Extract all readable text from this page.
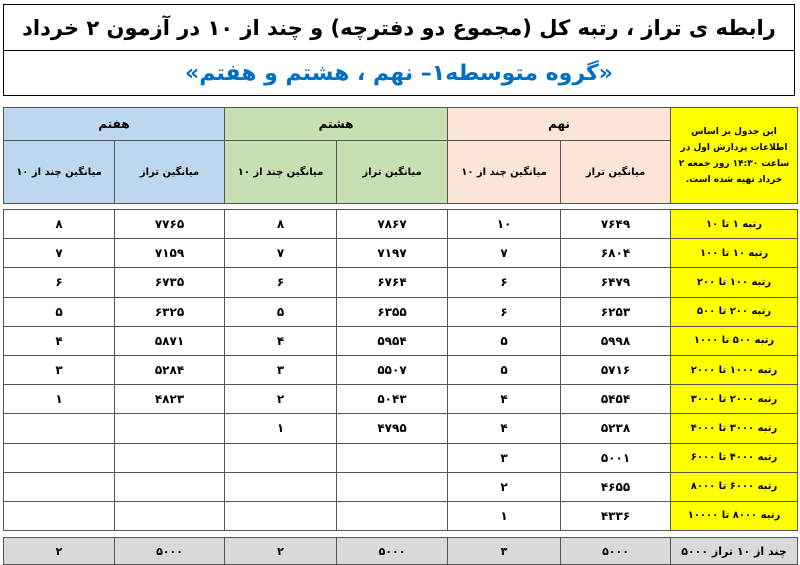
رابطه ی تراز ، رتبه کل (مجموع دو دفترچه) و چند از ۱۰ در آزمون ۲ خرداد
«گروه متوسطه۱– نهم ، هشتم و هفتم»
این جدول بر اساس اطلاعات پردازش اول در ساعت ۱۴:۳۰ روز جمعه ۲ خرداد تهیه شده است.	نهم		هشتم		هفتم	
	میانگین تراز	میانگین چند از ۱۰	میانگین تراز	میانگین چند از ۱۰	میانگین تراز	میانگین چند از ۱۰

رتبه ۱ تا ۱۰	۷۶۴۹	۱۰	۷۸۶۷	۸	۷۷۶۵	۸
رتبه ۱۰ تا ۱۰۰	۶۸۰۴	۷	۷۱۹۷	۷	۷۱۵۹	۷
رتبه ۱۰۰ تا ۲۰۰	۶۴۷۹	۶	۶۷۶۴	۶	۶۷۳۵	۶
رتبه ۲۰۰ تا ۵۰۰	۶۲۵۳	۶	۶۳۵۵	۵	۶۳۲۵	۵
رتبه ۵۰۰ تا ۱۰۰۰	۵۹۹۸	۵	۵۹۵۴	۴	۵۸۷۱	۴
رتبه ۱۰۰۰ تا ۲۰۰۰	۵۷۱۶	۵	۵۵۰۷	۳	۵۲۸۴	۳
رتبه ۲۰۰۰ تا ۳۰۰۰	۵۴۵۴	۴	۵۰۴۳	۲	۴۸۲۳	۱
رتبه ۳۰۰۰ تا ۴۰۰۰	۵۲۳۸	۴	۴۷۹۵	۱		
رتبه ۴۰۰۰ تا ۶۰۰۰	۵۰۰۱	۳				
رتبه ۶۰۰۰ تا ۸۰۰۰	۴۶۵۵	۲				
رتبه ۸۰۰۰ تا ۱۰۰۰۰	۴۳۳۶	۱				

چند از ۱۰ تراز ۵۰۰۰	۵۰۰۰	۳	۵۰۰۰	۲	۵۰۰۰	۲
